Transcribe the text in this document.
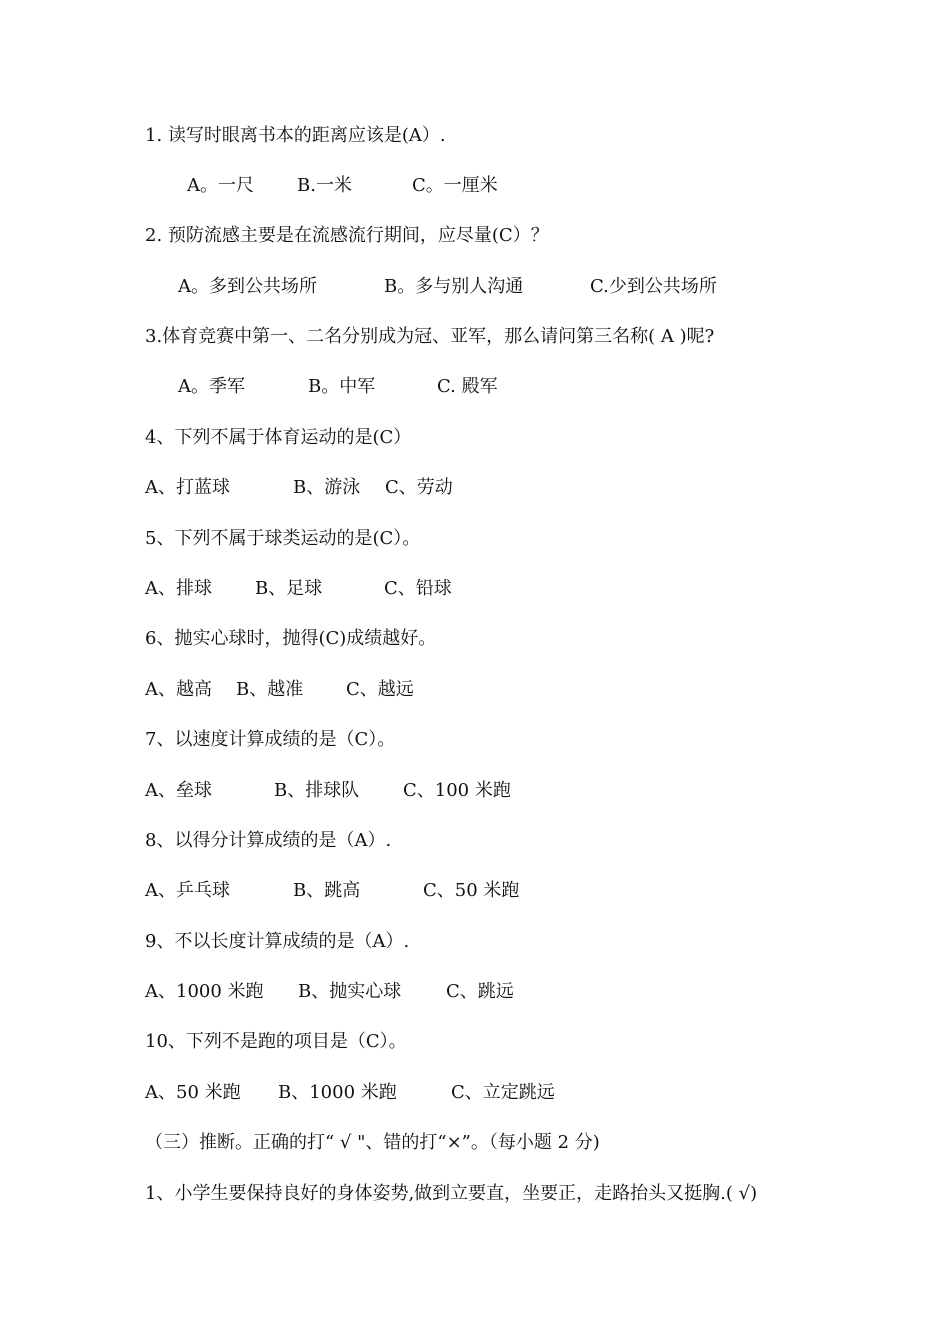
1. 读写时眼离书本的距离应该是(A）.
A。一尺 B.一米	C。一厘米
2. 预防流感主要是在流感流行期间，应尽量(C）？
A。多到公共场所	B。多与别人沟通	C.少到公共场所
3.体育竞赛中第一、二名分别成为冠、亚军，那么请问第三名称( A )呢?
A。季军	B。中军	C. 殿军
4、下列不属于体育运动的是(C）
A、打蓝球	B、游泳 C、劳动
5、下列不属于球类运动的是(C）。
A、排球 B、足球	C、铅球
6、抛实心球时，抛得(C)成绩越好。
A、越高 B、越准 C、越远
7、以速度计算成绩的是（C）。
A、垒球	B、排球队 C、100 米跑
8、以得分计算成绩的是（A）.
A、乒乓球	B、跳高	C、50 米跑
9、不以长度计算成绩的是（A）.
A、1000 米跑 B、抛实心球 C、跳远
10、下列不是跑的项目是（C）。
A、50 米跑 B、1000 米跑	C、立定跳远
（三）推断。正确的打“ √ "、错的打“×”。（每小题 2 分)
1、小学生要保持良好的身体姿势,做到立要直，坐要正，走路抬头又挺胸.( √)
